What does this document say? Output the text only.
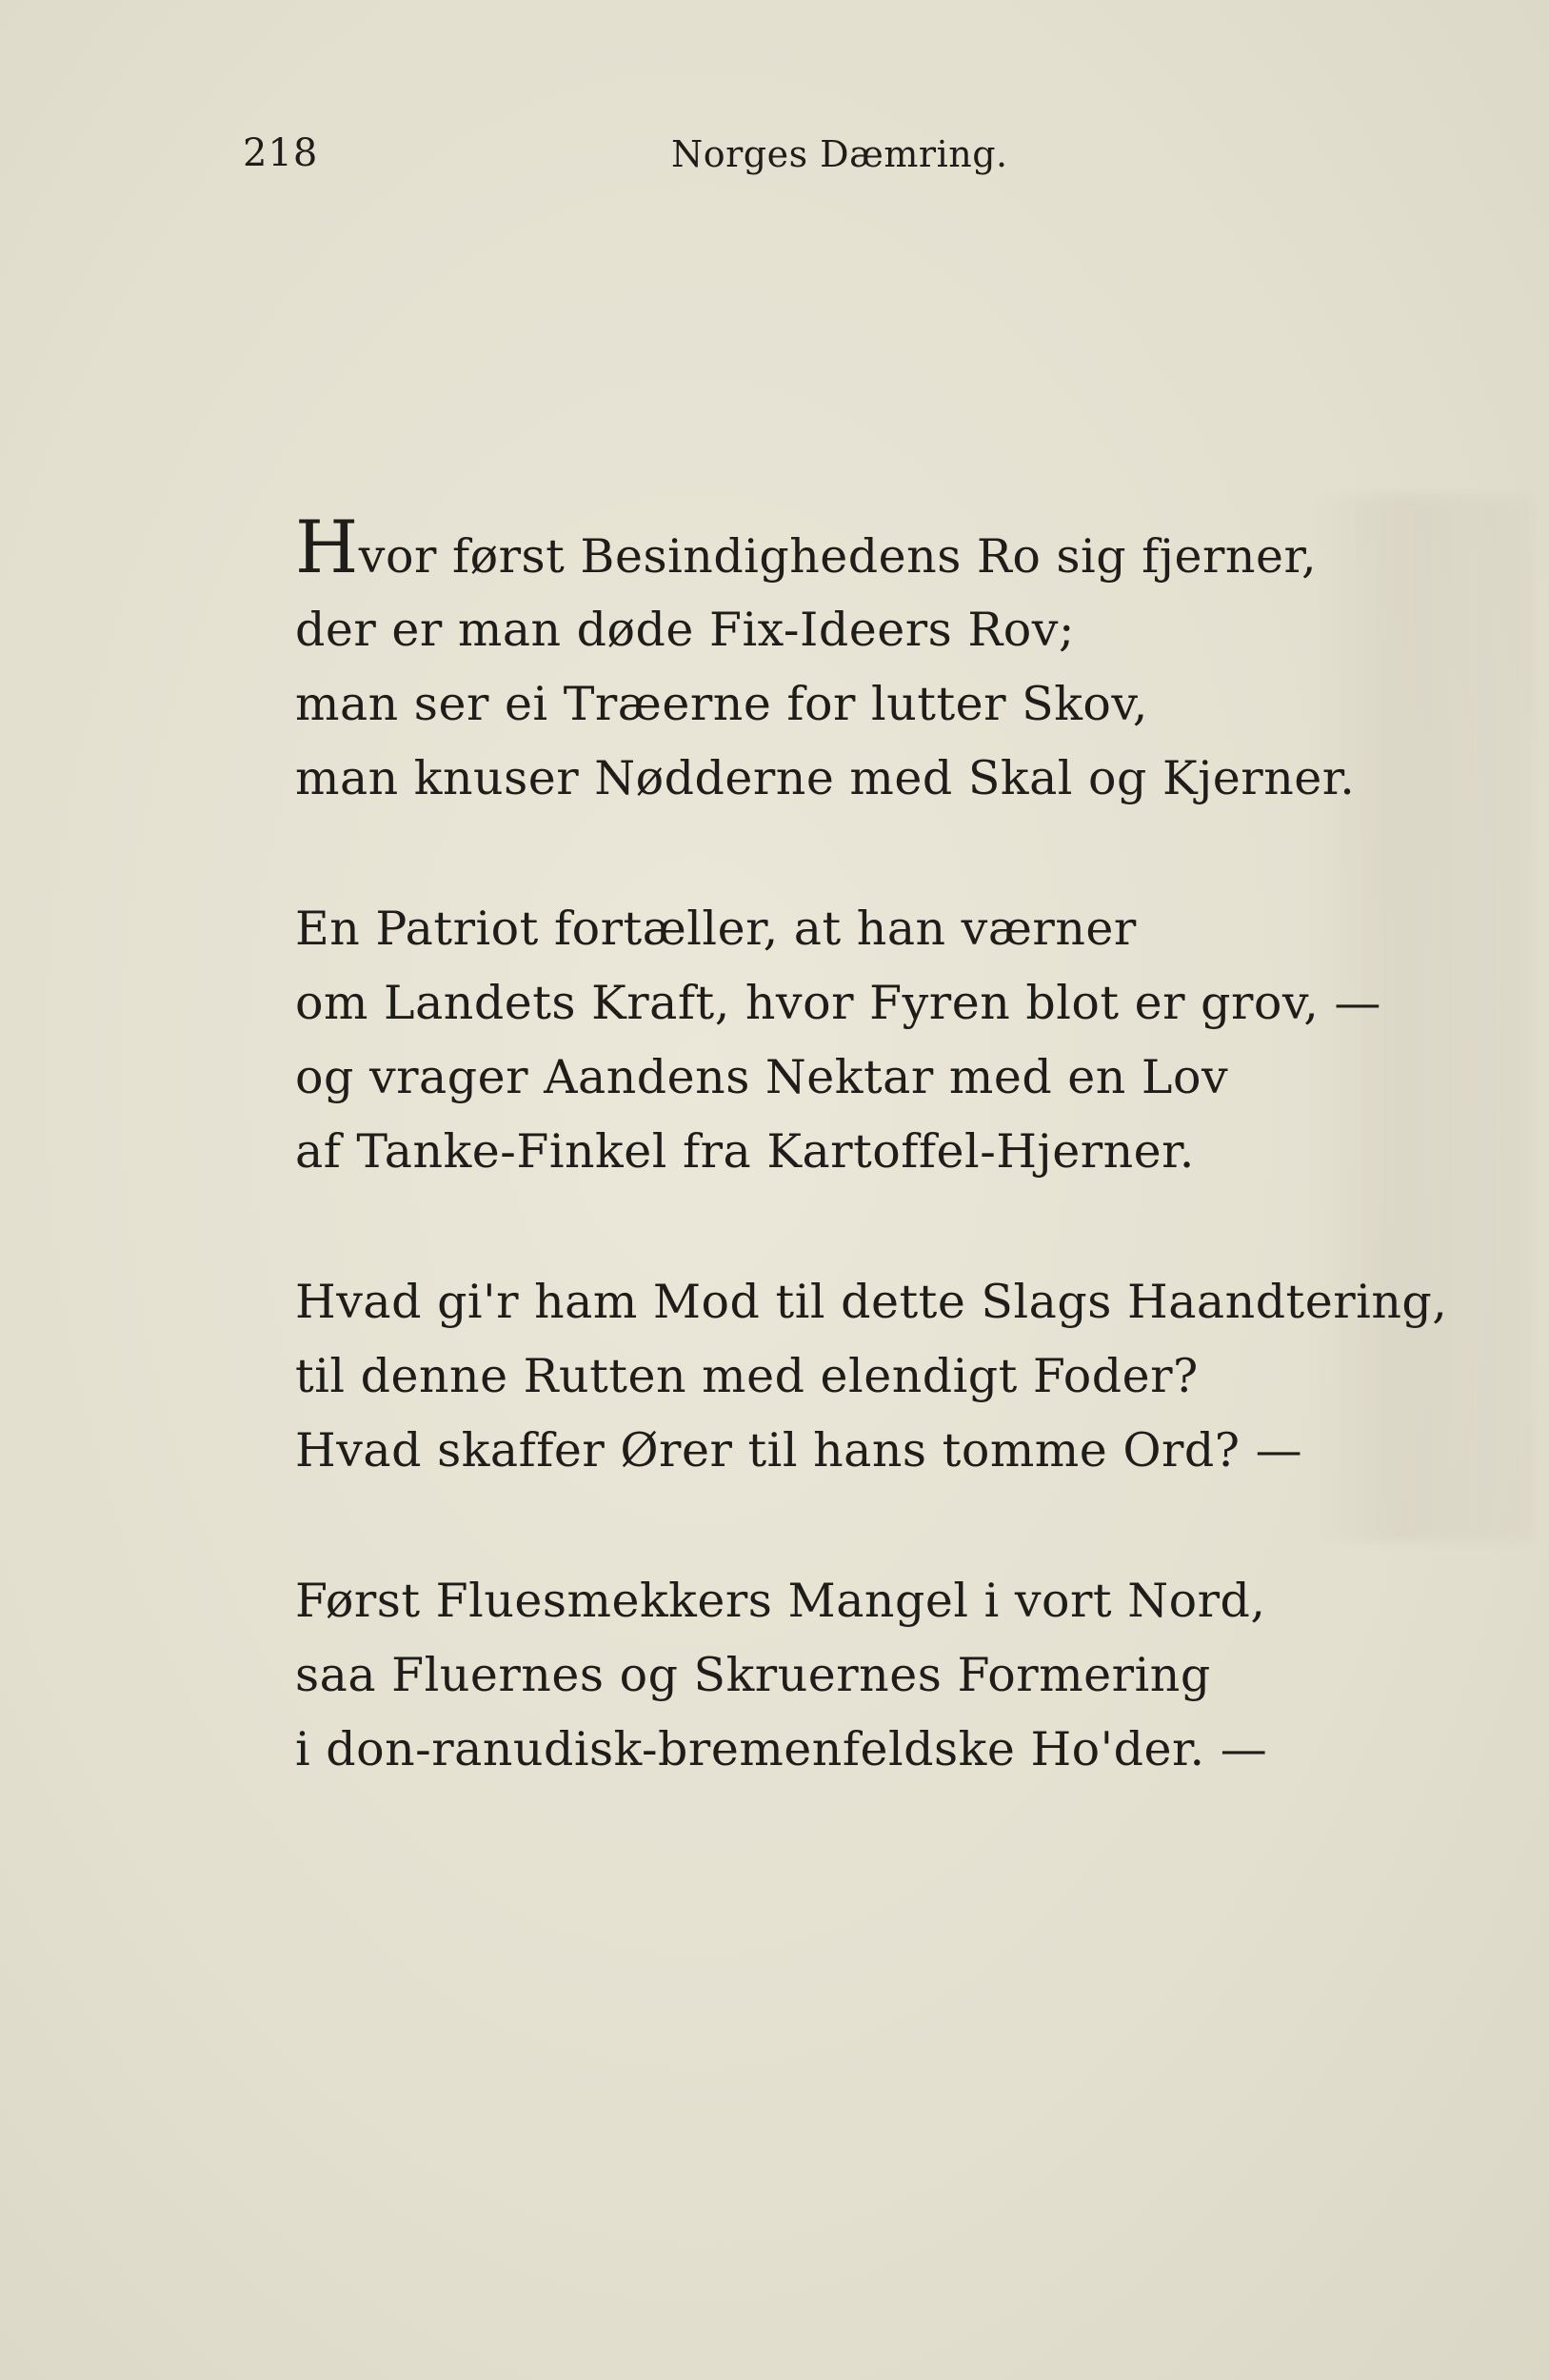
218	Norges Dæmring.
Hvor først Besindighedens Ro sig fjerner,
der er man døde Fix-Ideers Rov;
man ser ei Træerne for lutter Skov,
man knuser Nødderne med Skal og Kjerner.
En Patriot fortæller, at han værner
om Landets Kraft, hvor Fyren blot er grov, —
og vrager Aandens Nektar med en Lov
af Tanke-Finkel fra Kartoffel-Hjerner.
Hvad gi'r ham Mod til dette Slags Haandtering,
til denne Rutten med elendigt Foder?
Hvad skaffer Ører til hans tomme Ord? —
Først Fluesmekkers Mangel i vort Nord,
saa Fluernes og Skruernes Formering
i don-ranudisk-bremenfeldske Ho'der. —
